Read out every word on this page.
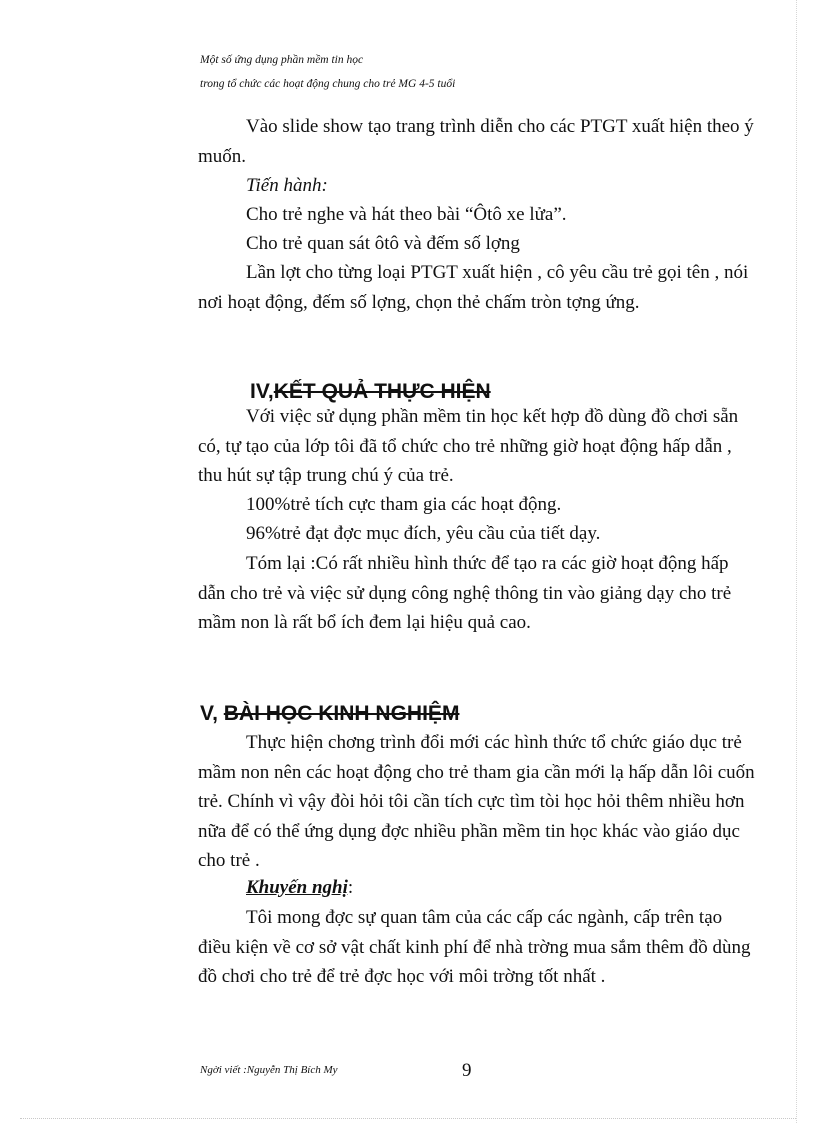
Một số ứng dụng phần mềm tin học
trong tổ chức các hoạt động chung cho trẻ MG 4-5 tuổi

Vào slide show tạo trang trình diễn cho các PTGT xuất hiện theo ý muốn.

Tiến hành:

Cho trẻ nghe và hát theo bài “Ôtô xe lửa”.

Cho trẻ quan sát ôtô và đếm số lợng

Lần lợt cho từng loại PTGT xuất hiện , cô yêu cầu trẻ gọi tên , nói nơi hoạt động, đếm số lợng, chọn thẻ chấm tròn tợng ứng.

IV,KẾT QUẢ THỰC HIỆN

Với việc sử dụng phần mềm tin học kết hợp đồ dùng đồ chơi sẵn có, tự tạo của lớp tôi đã tổ chức cho trẻ những giờ hoạt động hấp dẫn , thu hút sự tập trung chú ý của trẻ.

100%trẻ tích cực tham gia các hoạt động.

96%trẻ đạt đợc mục đích, yêu cầu của tiết dạy.

Tóm lại :Có rất nhiều hình thức để tạo ra các giờ hoạt động hấp dẫn cho trẻ và việc sử dụng công nghệ thông tin vào giảng dạy cho trẻ mầm non là rất bổ ích đem lại hiệu quả cao.

V, BÀI HỌC KINH NGHIỆM

Thực hiện chơng trình đổi mới các hình thức tổ chức giáo dục trẻ mầm non nên các hoạt động cho trẻ tham gia cần mới lạ hấp dẫn lôi cuốn trẻ. Chính vì vậy đòi hỏi tôi cần tích cực tìm tòi học hỏi thêm nhiều hơn nữa để có thể ứng dụng đợc nhiều phần mềm tin học khác vào giáo dục cho trẻ .

Khuyến nghị:

Tôi mong đợc sự quan tâm của các cấp các ngành, cấp trên tạo điều kiện về cơ sở vật chất kinh phí để nhà trờng mua sắm thêm đồ dùng đồ chơi cho trẻ để trẻ đợc học với môi trờng tốt nhất .

Ngời viết :Nguyễn Thị Bích My	9
